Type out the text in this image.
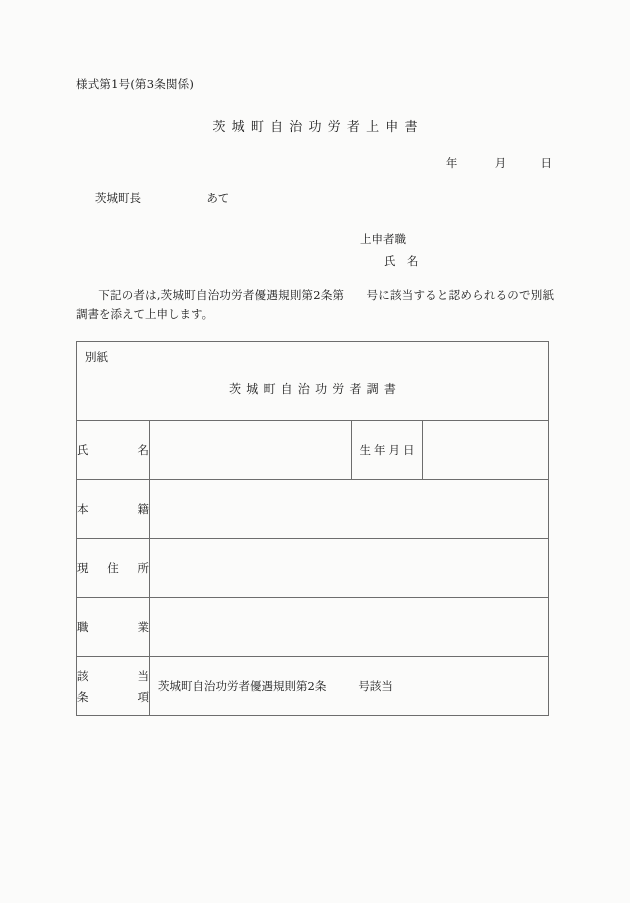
様式第1号(第3条関係)
茨城町自治功労者上申書
年	月	日
茨城町長	あて
上申者職
氏　名
下記の者は,茨城町自治功労者優遇規則第2条第 号に該当すると認められるので別紙調書を添えて上申します。
別紙
茨城町自治功労者調書			

氏 名		生年月日	

本 籍			

現 住 所			

職 業			

該 当
条 項	茨城町自治功労者優遇規則第2条 号該当		
